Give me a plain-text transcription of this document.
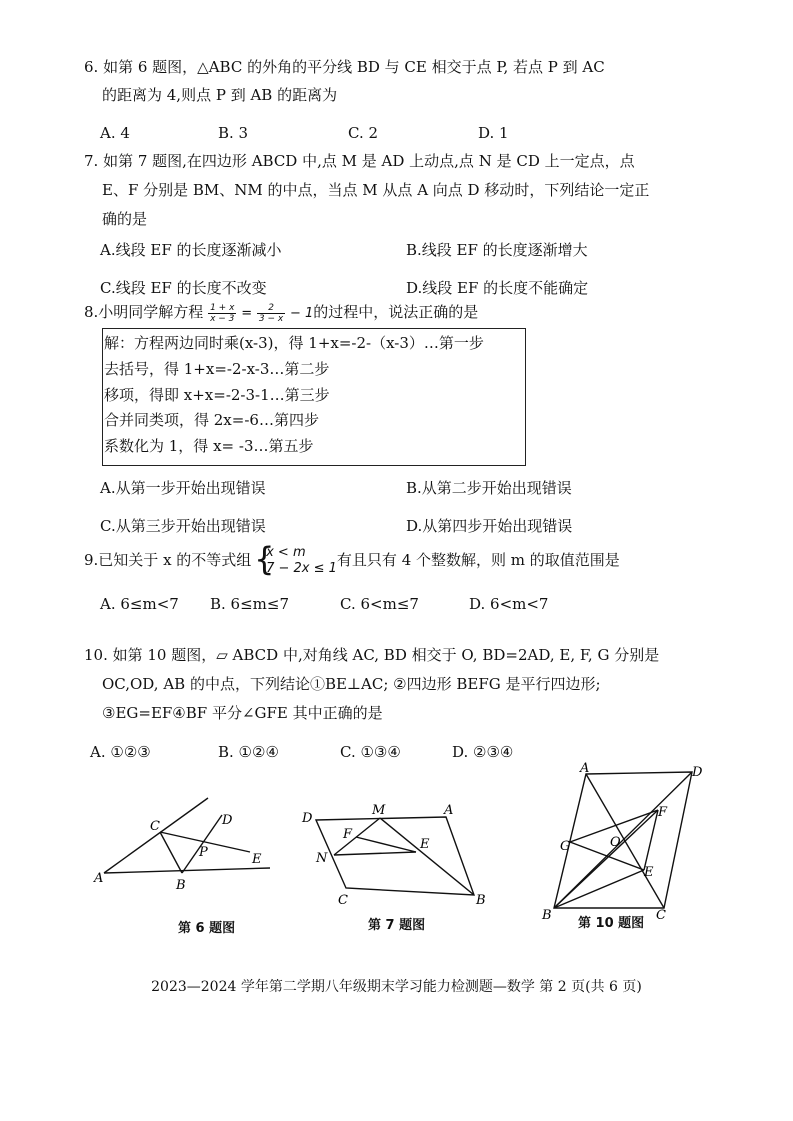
6. 如第 6 题图，△ABC 的外角的平分线 BD 与 CE 相交于点 P, 若点 P 到 AC
的距离为 4,则点 P 到 AB 的距离为
A. 4	B. 3	C. 2	D. 1
7. 如第 7 题图,在四边形 ABCD 中,点 M 是 AD 上动点,点 N 是 CD 上一定点，点
E、F 分别是 BM、NM 的中点，当点 M 从点 A 向点 D 移动时，下列结论一定正
确的是
A.线段 EF 的长度逐渐减小	B.线段 EF 的长度逐渐增大
C.线段 EF 的长度不改变	D.线段 EF 的长度不能确定
8.小明同学解方程 $\frac{1 + x}{x - 3} = \frac{2}{3 - x} - 1$的过程中，说法正确的是
解：方程两边同时乘(x-3)，得 1+x=-2-（x-3）…第一步
去括号，得 1+x=-2-x-3…第二步
移项，得即 x+x=-2-3-1…第三步
合并同类项，得 2x=-6…第四步
系数化为 1，得 x= -3…第五步
A.从第一步开始出现错误	B.从第二步开始出现错误
C.从第三步开始出现错误	D.从第四步开始出现错误
9.已知关于 x 的不等式组 {
x < m
7 − 2x ≤ 1 有且只有 4 个整数解，则 m 的取值范围是
A. 6≤m<7 B. 6≤m≤7	C. 6<m≤7	D. 6<m<7
10. 如第 10 题图，▱ ABCD 中,对角线 AC, BD 相交于 O, BD=2AD, E, F, G 分别是
OC,OD, AB 的中点，下列结论①BE⊥AC; ②四边形 BEFG 是平行四边形;
③EG=EF④BF 平分∠GFE 其中正确的是
A. ①②③	B. ①②④	C. ①③④	D. ②③④
A	B
C	D
E
P
第 6 题图
D
M	A
F
E
N
C	B
第 7 题图
A	D
F
G	O
E
B	C
第 10 题图
2023—2024 学年第二学期八年级期末学习能力检测题—数学 第 2 页(共 6 页)
